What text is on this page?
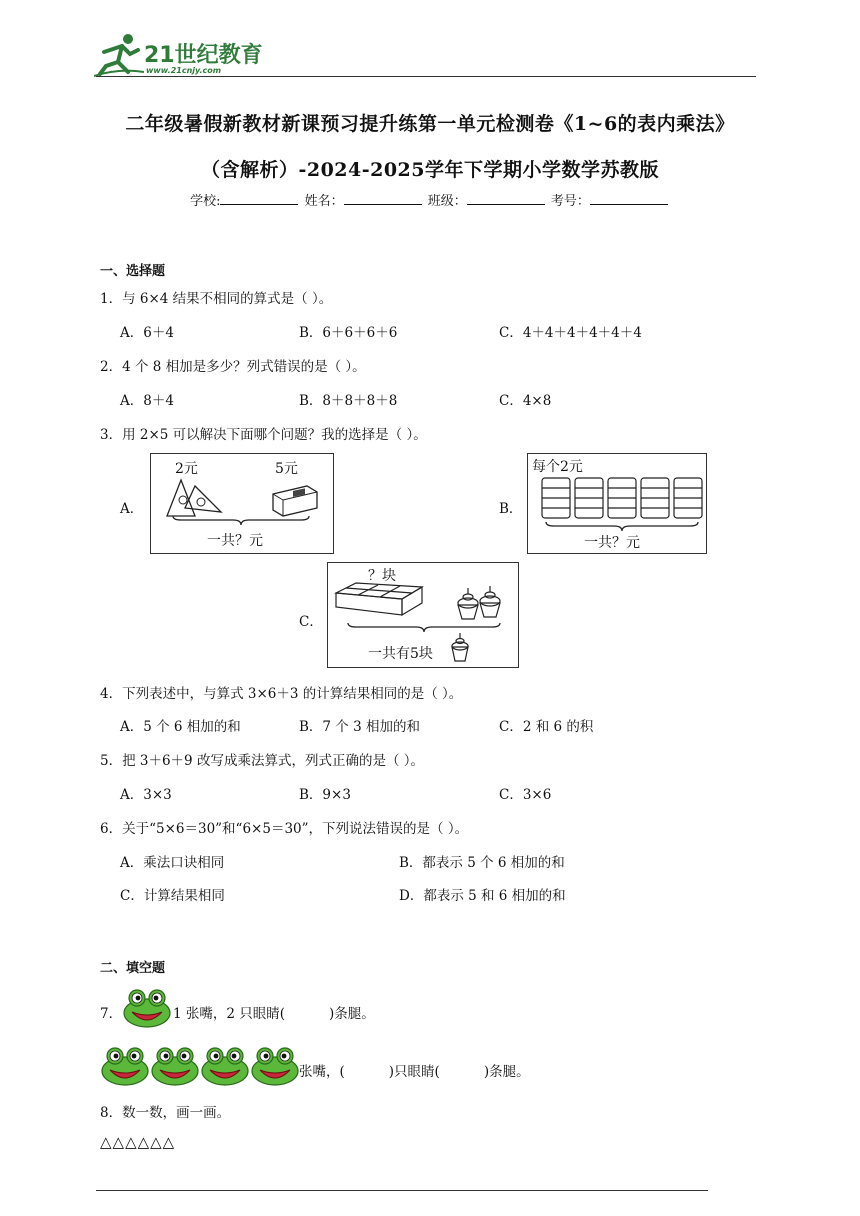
21世纪教育
www.21cnjy.com
二年级暑假新教材新课预习提升练第一单元检测卷《1~6的表内乘法》
（含解析）-2024-2025学年下学期小学数学苏教版
学校:	姓名：	班级：	考号：
一、选择题
1．与 6×4 结果不相同的算式是（ ）。
A．6＋4	B．6＋6＋6＋6	C．4＋4＋4＋4＋4＋4
2．4 个 8 相加是多少？列式错误的是（ ）。
A．8＋4	B．8＋8＋8＋8	C．4×8
3．用 2×5 可以解决下面哪个问题？我的选择是（ ）。
A．
2元	5元
一共？元
B．
每个2元
一共？元
C．
？块
一共有5块
4．下列表述中，与算式 3×6＋3 的计算结果相同的是（ ）。
A．5 个 6 相加的和	B．7 个 3 相加的和	C．2 和 6 的积
5．把 3＋6＋9 改写成乘法算式，列式正确的是（ ）。
A．3×3	B．9×3	C．3×6
6．关于“5×6＝30”和“6×5＝30”，下列说法错误的是（ ）。
A．乘法口诀相同	B．都表示 5 个 6 相加的和
C．计算结果相同	D．都表示 5 和 6 相加的和
二、填空题
7．	1 张嘴，2 只眼睛(	)条腿。
张嘴，(	)只眼睛(	)条腿。
8．数一数，画一画。
△△△△△△
